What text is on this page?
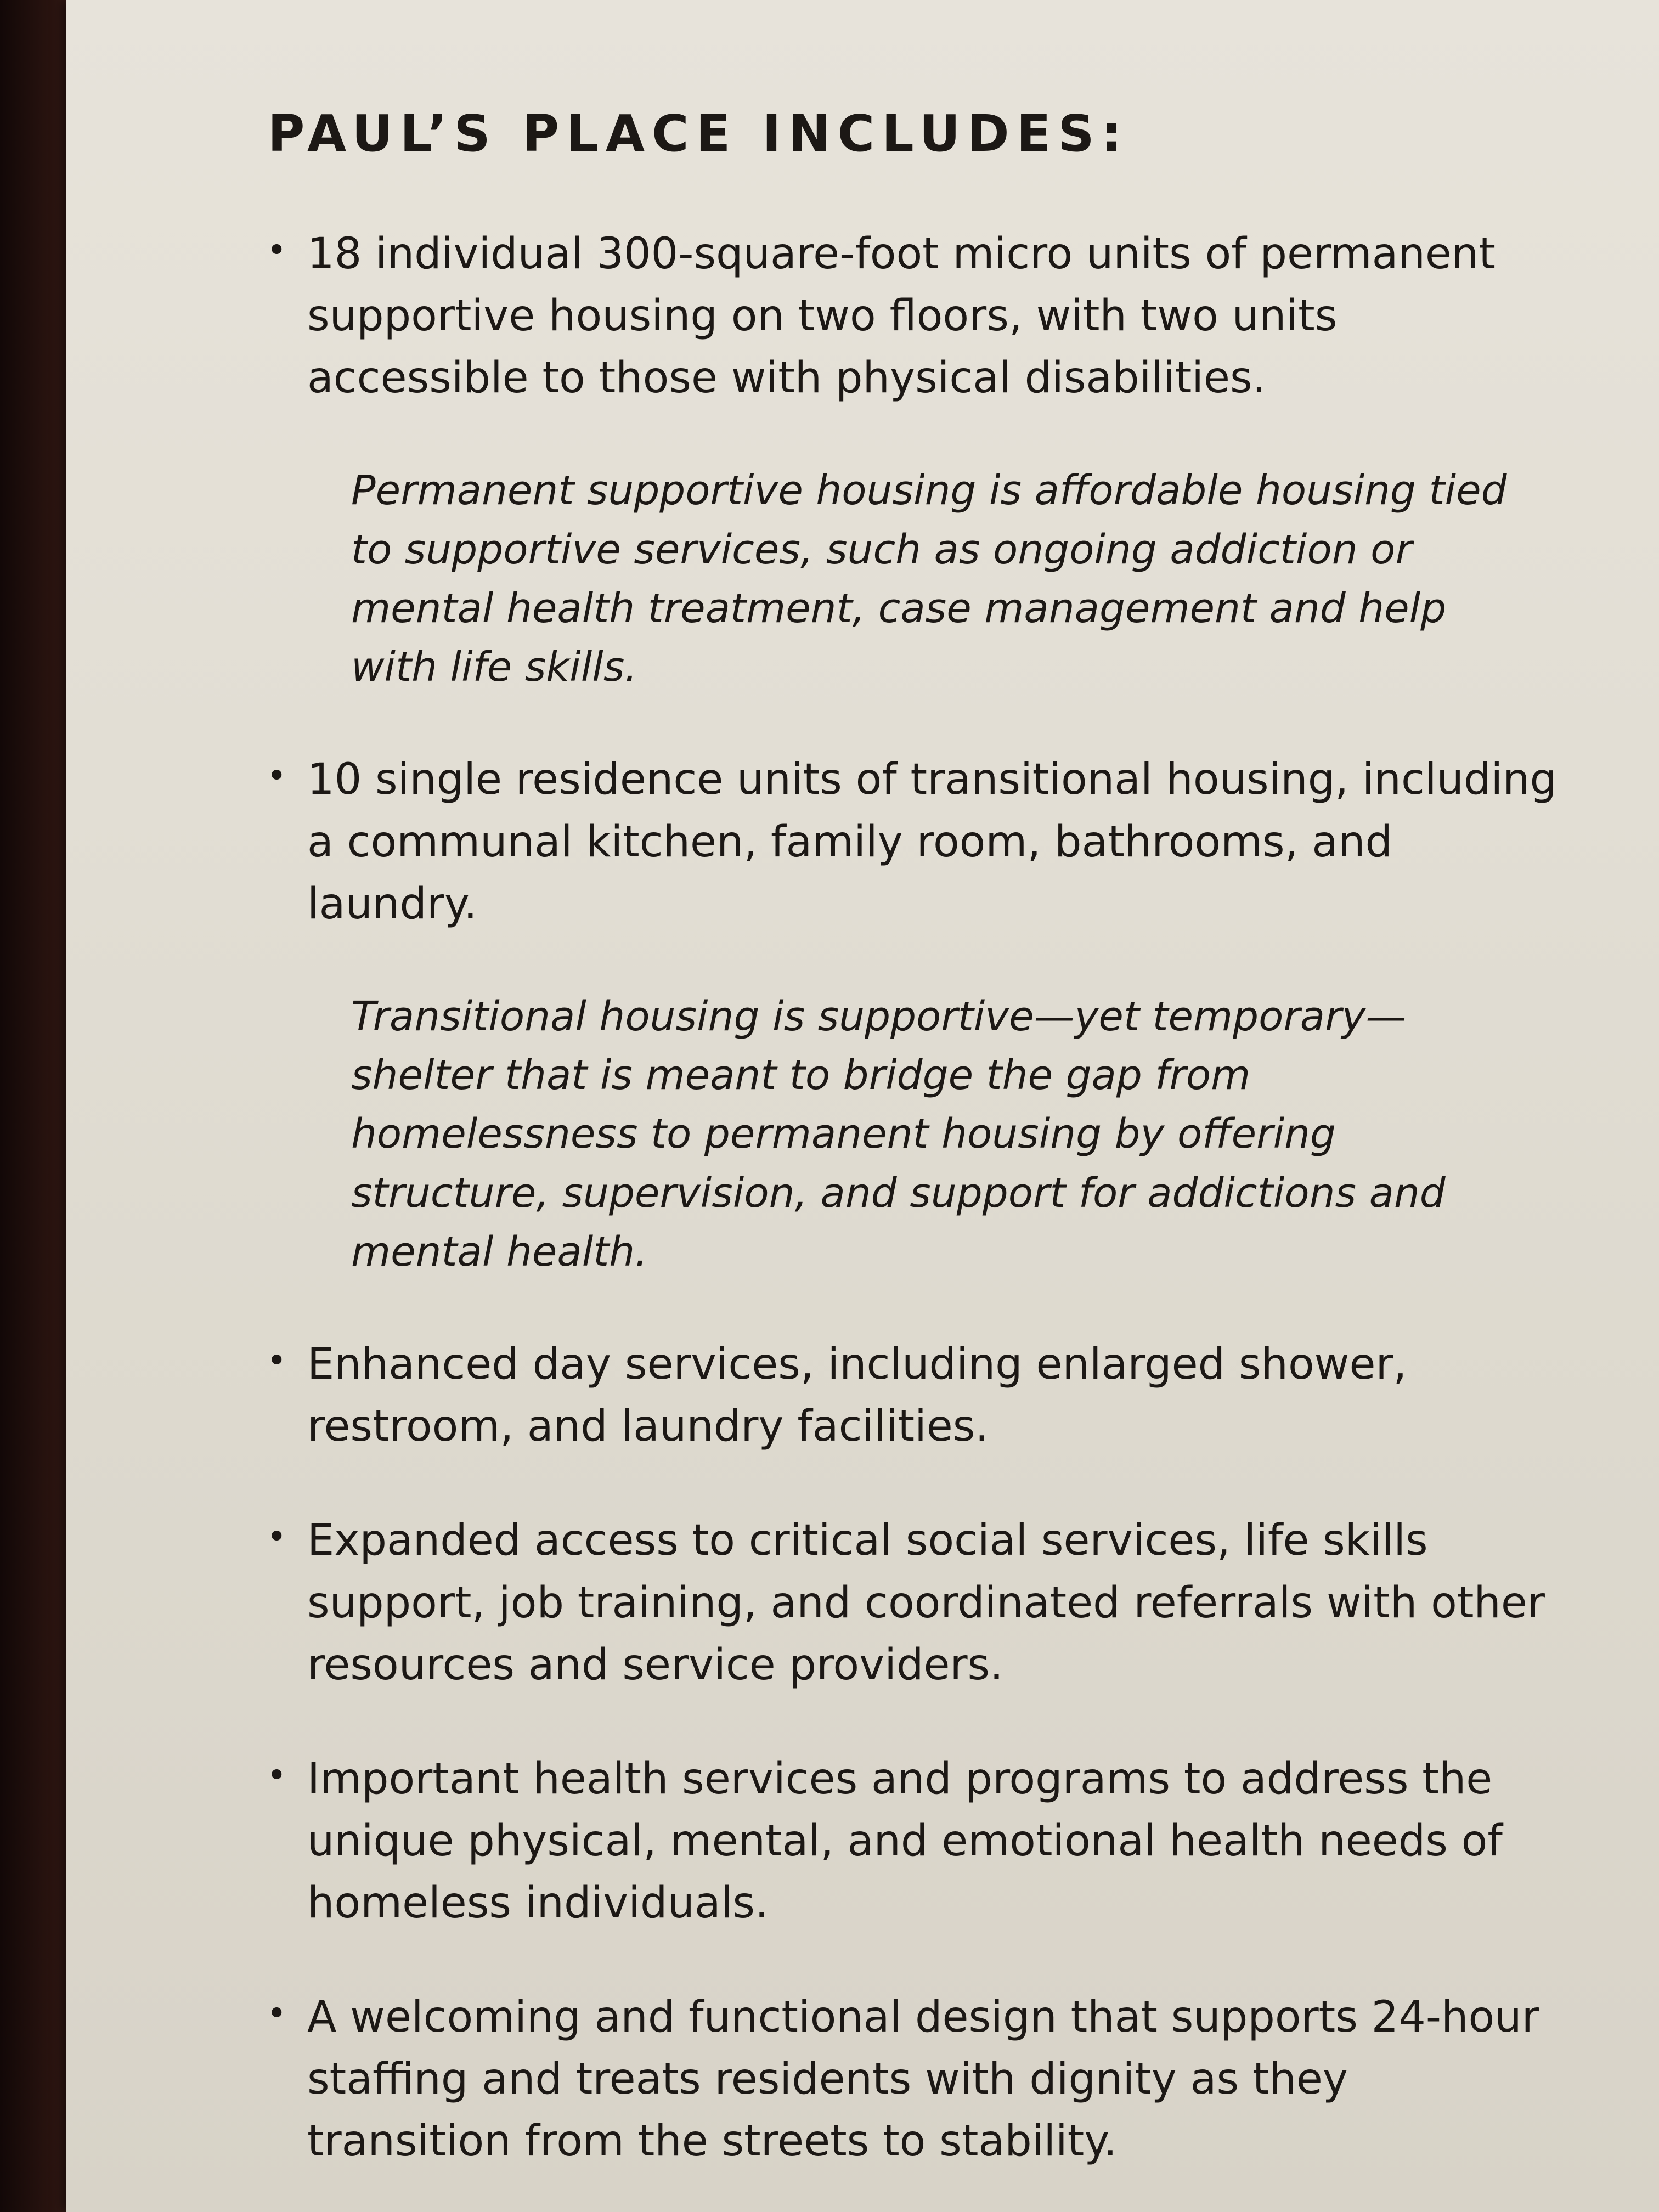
PAUL’S PLACE INCLUDES:
• 18 individual 300-square-foot micro units of permanent supportive housing on two floors, with two units accessible to those with physical disabilities.
Permanent supportive housing is affordable housing tied to supportive services, such as ongoing addiction or mental health treatment, case management and help with life skills.
• 10 single residence units of transitional housing, including a communal kitchen, family room, bathrooms, and laundry.
Transitional housing is supportive—yet temporary—shelter that is meant to bridge the gap from homelessness to permanent housing by offering structure, supervision, and support for addictions and mental health.
• Enhanced day services, including enlarged shower, restroom, and laundry facilities.
• Expanded access to critical social services, life skills support, job training, and coordinated referrals with other resources and service providers.
• Important health services and programs to address the unique physical, mental, and emotional health needs of homeless individuals.
• A welcoming and functional design that supports 24-hour staffing and treats residents with dignity as they transition from the streets to stability.
